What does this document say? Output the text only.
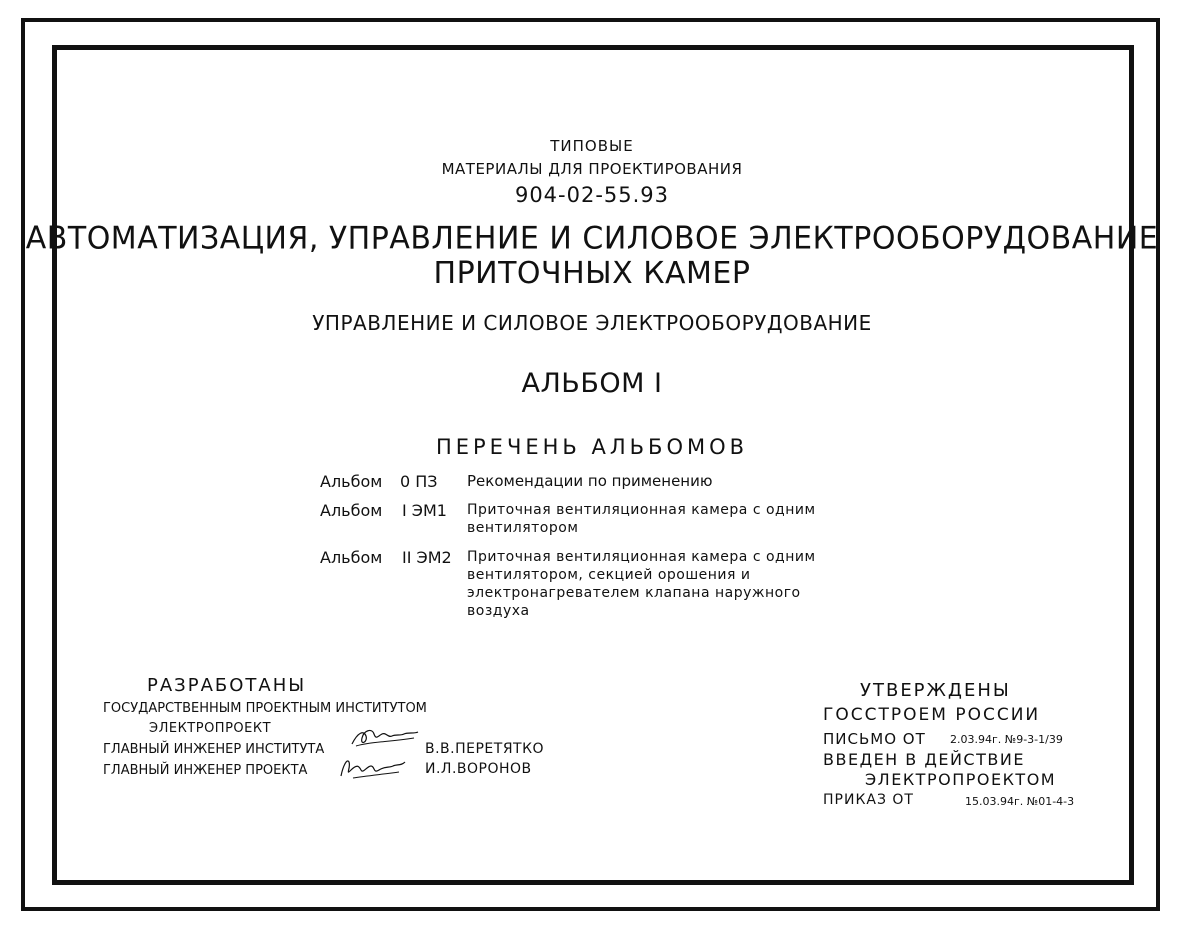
ТИПОВЫЕ
МАТЕРИАЛЫ ДЛЯ ПРОЕКТИРОВАНИЯ
904-02-55.93
АВТОМАТИЗАЦИЯ, УПРАВЛЕНИЕ И СИЛОВОЕ ЭЛЕКТРООБОРУДОВАНИЕ
ПРИТОЧНЫХ КАМЕР
УПРАВЛЕНИЕ И СИЛОВОЕ ЭЛЕКТРООБОРУДОВАНИЕ
АЛЬБОМ I
ПЕРЕЧЕНЬ АЛЬБОМОВ
Альбом 0 ПЗ Рекомендации по применению
Альбом I ЭМ1 Приточная вентиляционная камера с одним
вентилятором
Альбом II ЭМ2 Приточная вентиляционная камера с одним
вентилятором, секцией орошения и
электронагревателем клапана наружного
воздуха
РАЗРАБОТАНЫ
ГОСУДАРСТВЕННЫМ ПРОЕКТНЫМ ИНСТИТУТОМ
ЭЛЕКТРОПРОЕКТ
ГЛАВНЫЙ ИНЖЕНЕР ИНСТИТУТА
ГЛАВНЫЙ ИНЖЕНЕР ПРОЕКТА
В.В.ПЕРЕТЯТКО
И.Л.ВОРОНОВ
УТВЕРЖДЕНЫ
ГОССТРОЕМ РОССИИ
ПИСЬМО ОТ 2.03.94г. №9-3-1/39
ВВЕДЕН В ДЕЙСТВИЕ
ЭЛЕКТРОПРОЕКТОМ
ПРИКАЗ ОТ	15.03.94г. №01-4-3
